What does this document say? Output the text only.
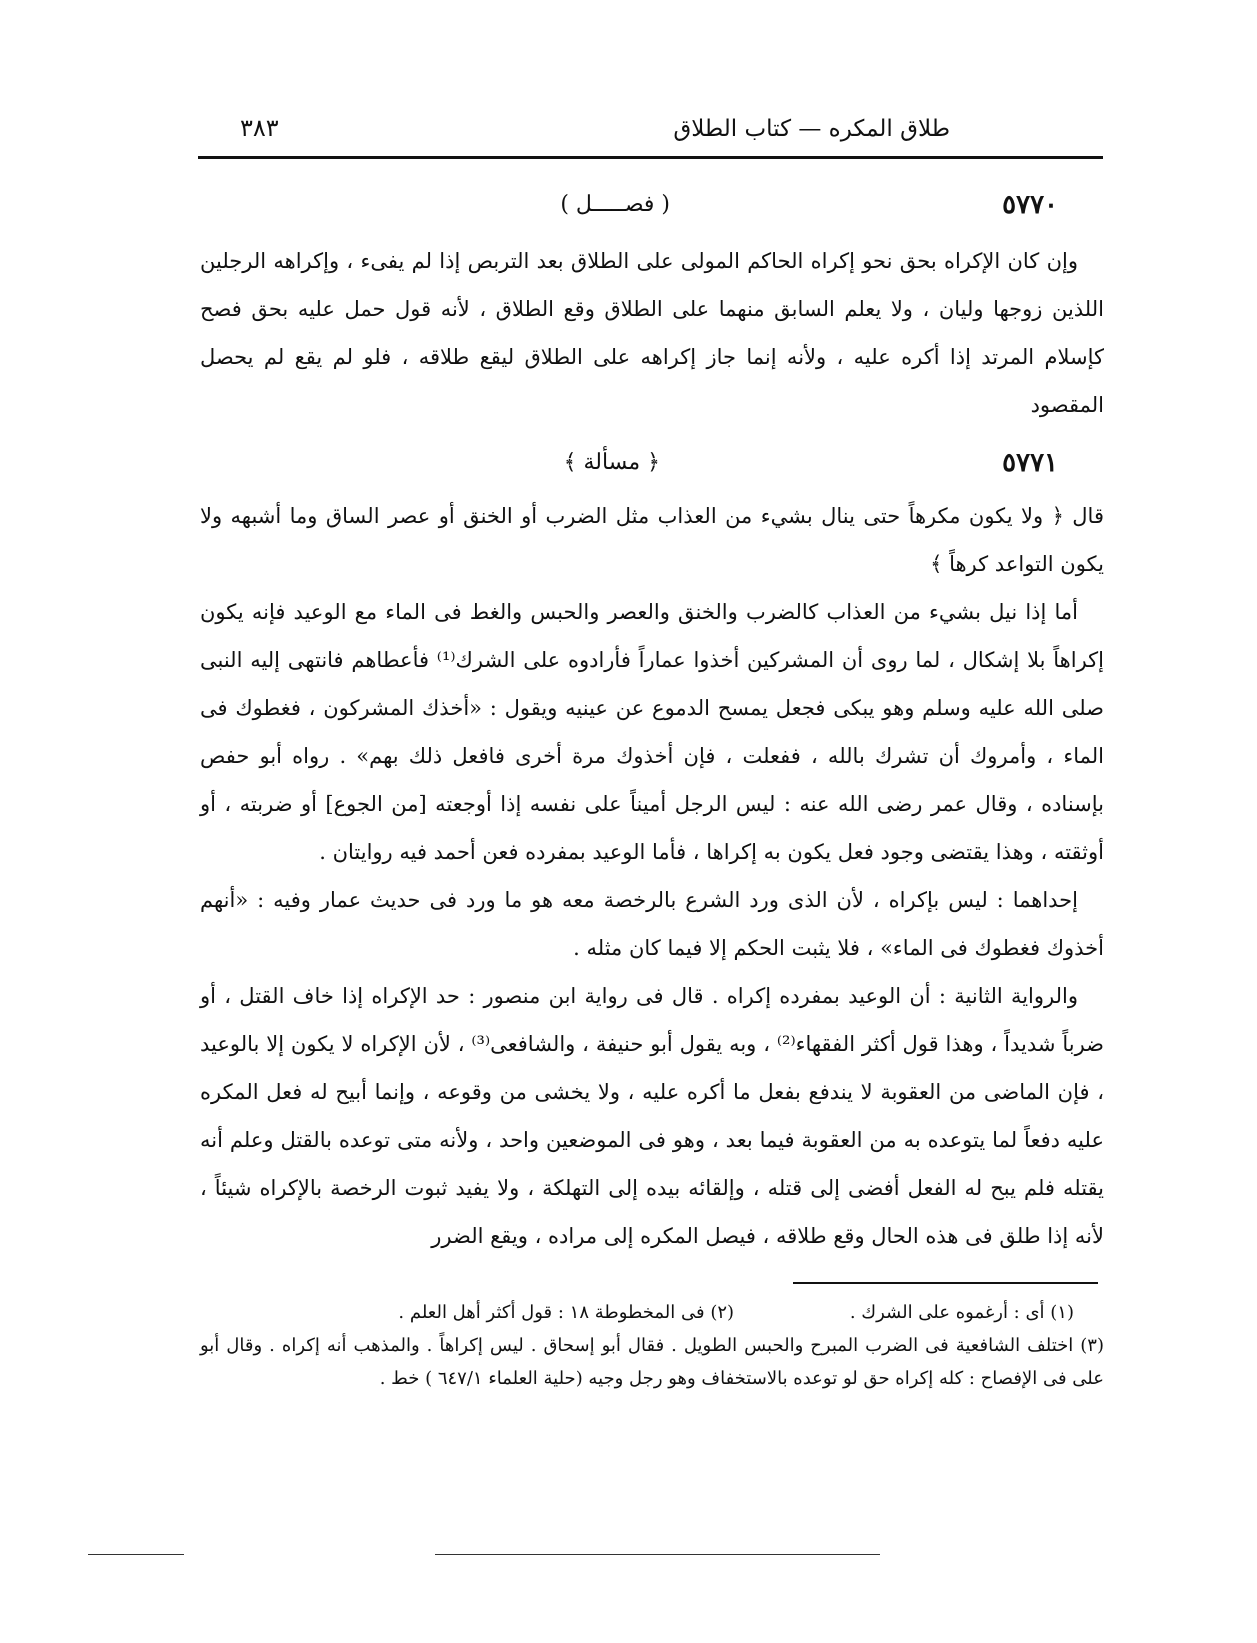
طلاق المكره — كتاب الطلاق
٣٨٣
٥٧٧٠
( فصـــــل )

وإن كان الإكراه بحق نحو إكراه الحاكم المولى على الطلاق بعد التربص إذا لم يفىء ، وإكراهه الرجلين اللذين زوجها وليان ، ولا يعلم السابق منهما على الطلاق وقع الطلاق ، لأنه قول حمل عليه بحق فصح كإسلام المرتد إذا أكره عليه ، ولأنه إنما جاز إكراهه على الطلاق ليقع طلاقه ، فلو لم يقع لم يحصل المقصود

٥٧٧١
﴿ مسألة ﴾

قال ﴿ ولا يكون مكرهاً حتى ينال بشيء من العذاب مثل الضرب أو الخنق أو عصر الساق وما أشبهه ولا يكون التواعد كرهاً ﴾

أما إذا نيل بشيء من العذاب كالضرب والخنق والعصر والحبس والغط فى الماء مع الوعيد فإنه يكون إكراهاً بلا إشكال ، لما روى أن المشركين أخذوا عماراً فأرادوه على الشرك⁽¹⁾ فأعطاهم فانتهى إليه النبى صلى الله عليه وسلم وهو يبكى فجعل يمسح الدموع عن عينيه ويقول : «أخذك المشركون ، فغطوك فى الماء ، وأمروك أن تشرك بالله ، ففعلت ، فإن أخذوك مرة أخرى فافعل ذلك بهم» . رواه أبو حفص بإسناده ، وقال عمر رضى الله عنه : ليس الرجل أميناً على نفسه إذا أوجعته [من الجوع] أو ضربته ، أو أوثقته ، وهذا يقتضى وجود فعل يكون به إكراها ، فأما الوعيد بمفرده فعن أحمد فيه روايتان .

إحداهما : ليس بإكراه ، لأن الذى ورد الشرع بالرخصة معه هو ما ورد فى حديث عمار وفيه : «أنهم أخذوك فغطوك فى الماء» ، فلا يثبت الحكم إلا فيما كان مثله .

والرواية الثانية : أن الوعيد بمفرده إكراه . قال فى رواية ابن منصور : حد الإكراه إذا خاف القتل ، أو ضرباً شديداً ، وهذا قول أكثر الفقهاء⁽²⁾ ، وبه يقول أبو حنيفة ، والشافعى⁽³⁾ ، لأن الإكراه لا يكون إلا بالوعيد ، فإن الماضى من العقوبة لا يندفع بفعل ما أكره عليه ، ولا يخشى من وقوعه ، وإنما أبيح له فعل المكره عليه دفعاً لما يتوعده به من العقوبة فيما بعد ، وهو فى الموضعين واحد ، ولأنه متى توعده بالقتل وعلم أنه يقتله فلم يبح له الفعل أفضى إلى قتله ، وإلقائه بيده إلى التهلكة ، ولا يفيد ثبوت الرخصة بالإكراه شيئاً ، لأنه إذا طلق فى هذه الحال وقع طلاقه ، فيصل المكره إلى مراده ، ويقع الضرر

(١) أى : أرغموه على الشرك . (٢) فى المخطوطة ١٨ : قول أكثر أهل العلم .

(٣) اختلف الشافعية فى الضرب المبرح والحبس الطويل . فقال أبو إسحاق . ليس إكراهاً . والمذهب أنه إكراه . وقال أبو على فى الإفصاح : كله إكراه حق لو توعده بالاستخفاف وهو رجل وجيه (حلية العلماء ٦٤٧/١ ) خط .
